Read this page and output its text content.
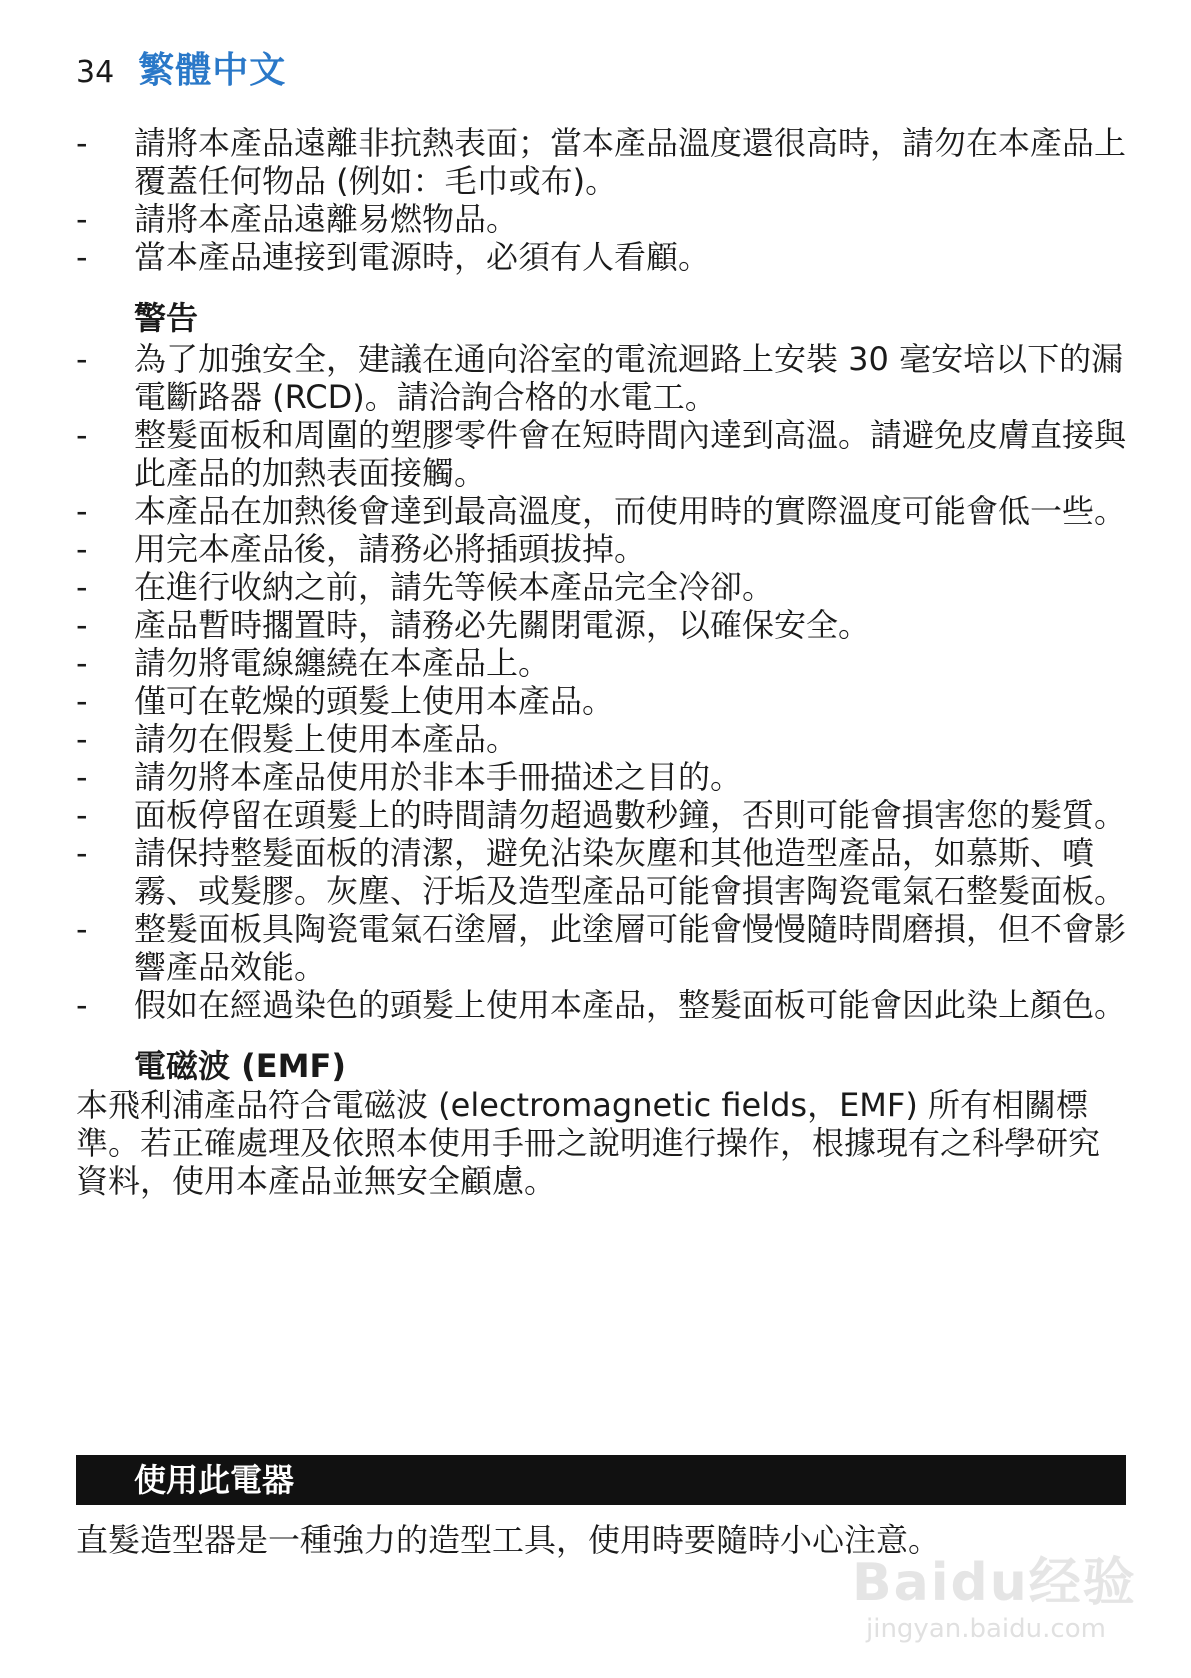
34 繁體中文
- 請將本產品遠離非抗熱表面；當本產品溫度還很高時，請勿在本產品上覆蓋任何物品 (例如：毛巾或布)。
- 請將本產品遠離易燃物品。
- 當本產品連接到電源時，必須有人看顧。
警告
- 為了加強安全，建議在通向浴室的電流迴路上安裝 30 毫安培以下的漏電斷路器 (RCD)。請洽詢合格的水電工。
- 整髮面板和周圍的塑膠零件會在短時間內達到高溫。請避免皮膚直接與此產品的加熱表面接觸。
- 本產品在加熱後會達到最高溫度，而使用時的實際溫度可能會低一些。
- 用完本產品後，請務必將插頭拔掉。
- 在進行收納之前，請先等候本產品完全冷卻。
- 產品暫時擱置時，請務必先關閉電源，以確保安全。
- 請勿將電線纏繞在本產品上。
- 僅可在乾燥的頭髮上使用本產品。
- 請勿在假髮上使用本產品。
- 請勿將本產品使用於非本手冊描述之目的。
- 面板停留在頭髮上的時間請勿超過數秒鐘，否則可能會損害您的髮質。
- 請保持整髮面板的清潔，避免沾染灰塵和其他造型產品，如慕斯、噴霧、或髮膠。灰塵、汙垢及造型產品可能會損害陶瓷電氣石整髮面板。
- 整髮面板具陶瓷電氣石塗層，此塗層可能會慢慢隨時間磨損，但不會影響產品效能。
- 假如在經過染色的頭髮上使用本產品，整髮面板可能會因此染上顏色。
電磁波 (EMF)
本飛利浦產品符合電磁波 (electromagnetic fields，EMF) 所有相關標準。若正確處理及依照本使用手冊之說明進行操作，根據現有之科學研究資料，使用本產品並無安全顧慮。
使用此電器
直髮造型器是一種強力的造型工具，使用時要隨時小心注意。
Baidu经验
jingyan.baidu.com
